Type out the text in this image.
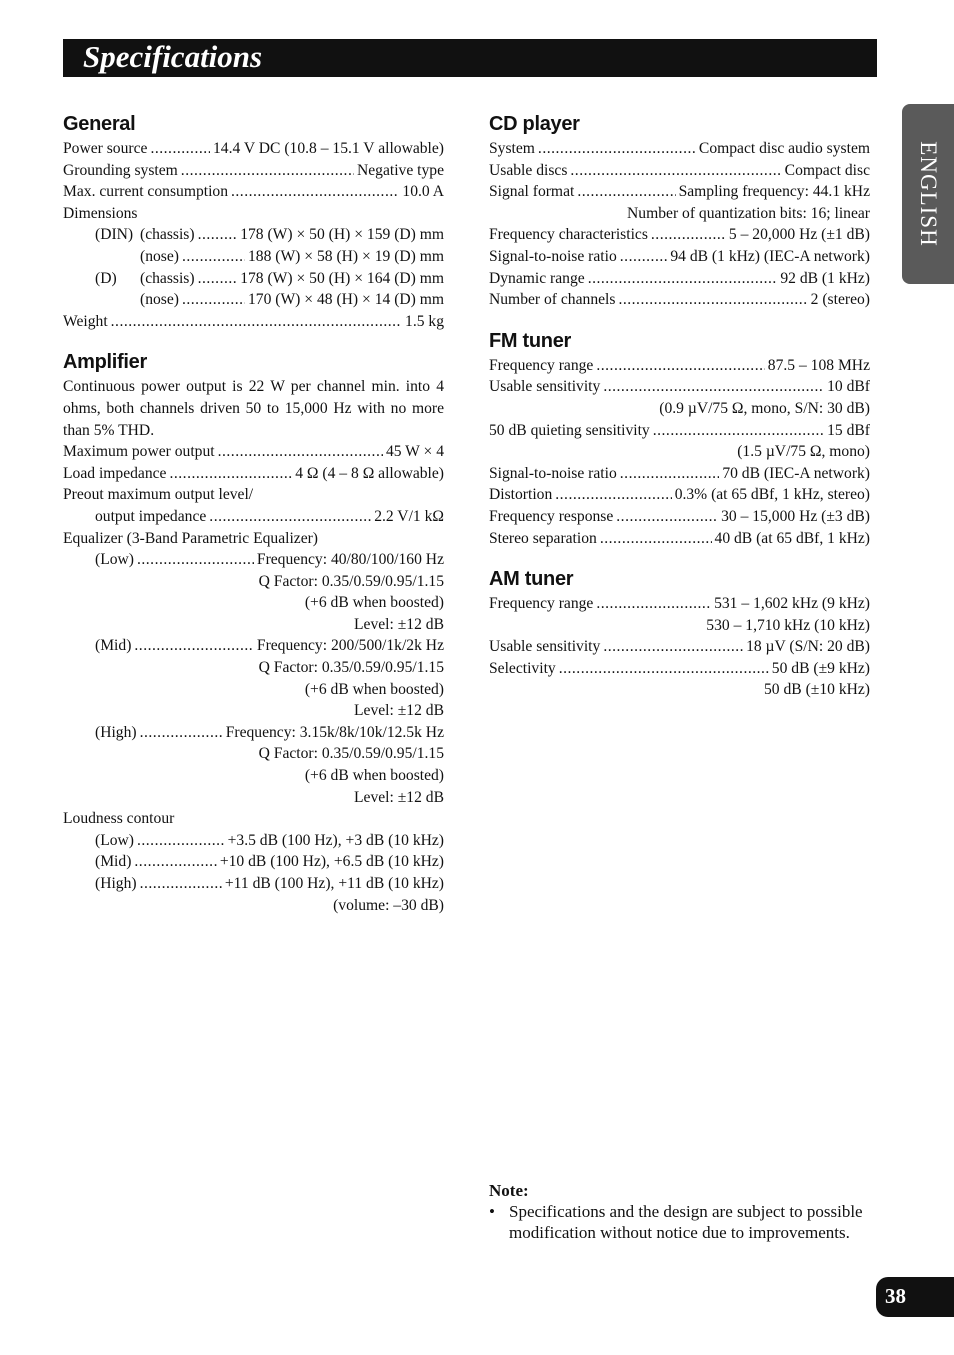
Specifications
ENGLISH
General
Power source .....	14.4 V DC (10.8 – 15.1 V allowable)
Grounding system .....	Negative type
Max. current consumption .....	10.0 A
Dimensions
(DIN) (chassis) .....	178 (W) × 50 (H) × 159 (D) mm
(nose) .....	188 (W) × 58 (H) × 19 (D) mm
(D) (chassis) .....	178 (W) × 50 (H) × 164 (D) mm
(nose) .....	170 (W) × 48 (H) × 14 (D) mm
Weight .....	1.5 kg
Amplifier
Continuous power output is 22 W per channel min. into 4 ohms, both channels driven 50 to 15,000 Hz with no more than 5% THD.
Maximum power output .....	45 W × 4
Load impedance .....	4 Ω (4 – 8 Ω allowable)
Preout maximum output level/
output impedance .....	2.2 V/1 kΩ
Equalizer (3-Band Parametric Equalizer)
(Low) .....	Frequency: 40/80/100/160 Hz
Q Factor: 0.35/0.59/0.95/1.15
(+6 dB when boosted)
Level: ±12 dB
(Mid) .....	Frequency: 200/500/1k/2k Hz
Q Factor: 0.35/0.59/0.95/1.15
(+6 dB when boosted)
Level: ±12 dB
(High) .....	Frequency: 3.15k/8k/10k/12.5k Hz
Q Factor: 0.35/0.59/0.95/1.15
(+6 dB when boosted)
Level: ±12 dB
Loudness contour
(Low) .....	+3.5 dB (100 Hz), +3 dB (10 kHz)
(Mid) .....	+10 dB (100 Hz), +6.5 dB (10 kHz)
(High) .....	+11 dB (100 Hz), +11 dB (10 kHz)
(volume: –30 dB)
CD player
System .....	Compact disc audio system
Usable discs .....	Compact disc
Signal format .....	Sampling frequency: 44.1 kHz
Number of quantization bits: 16; linear
Frequency characteristics .....	5 – 20,000 Hz (±1 dB)
Signal-to-noise ratio .....	94 dB (1 kHz) (IEC-A network)
Dynamic range .....	92 dB (1 kHz)
Number of channels .....	2 (stereo)
FM tuner
Frequency range .....	87.5 – 108 MHz
Usable sensitivity .....	10 dBf
(0.9 µV/75 Ω, mono, S/N: 30 dB)
50 dB quieting sensitivity .....	15 dBf
(1.5 µV/75 Ω, mono)
Signal-to-noise ratio .....	70 dB (IEC-A network)
Distortion .....	0.3% (at 65 dBf, 1 kHz, stereo)
Frequency response .....	30 – 15,000 Hz (±3 dB)
Stereo separation .....	40 dB (at 65 dBf, 1 kHz)
AM tuner
Frequency range .....	531 – 1,602 kHz (9 kHz)
530 – 1,710 kHz (10 kHz)
Usable sensitivity .....	18 µV (S/N: 20 dB)
Selectivity .....	50 dB (±9 kHz)
50 dB (±10 kHz)
Note:
• Specifications and the design are subject to possible modification without notice due to improvements.
38
